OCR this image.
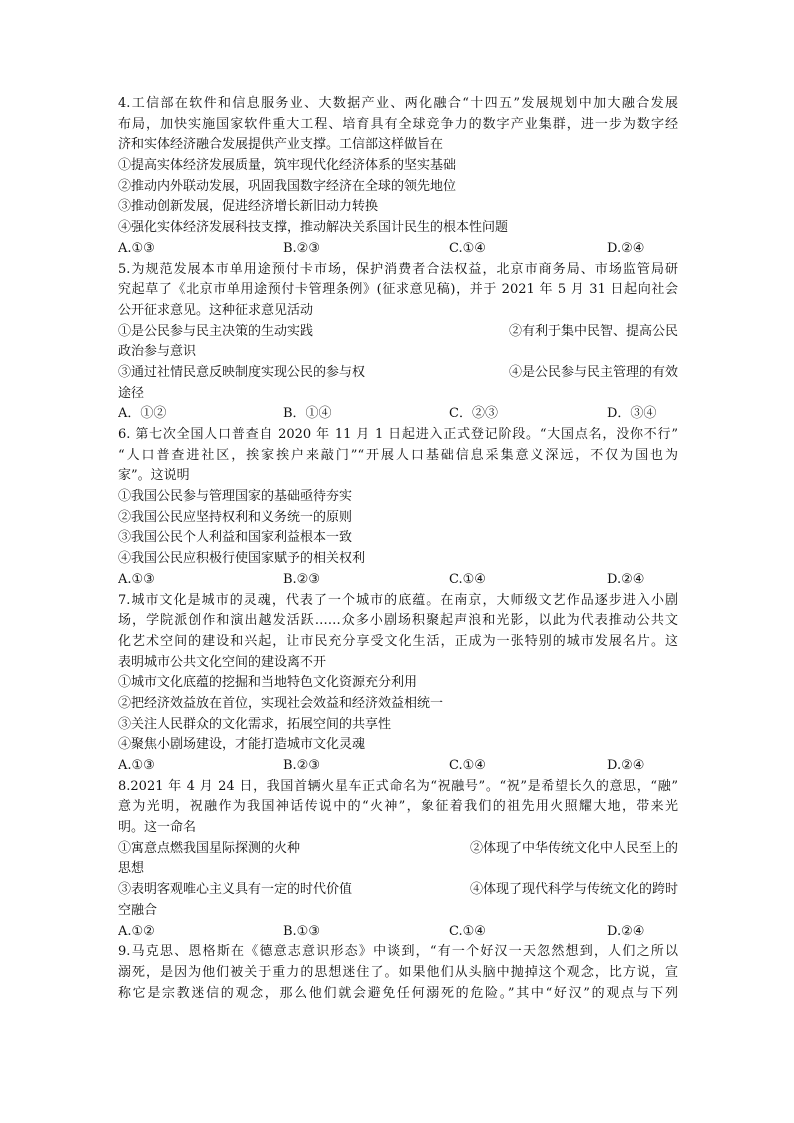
4.工信部在软件和信息服务业、大数据产业、两化融合“十四五”发展规划中加大融合发展
布局，加快实施国家软件重大工程、培育具有全球竞争力的数字产业集群，进一步为数字经
济和实体经济融合发展提供产业支撑。工信部这样做旨在
①提高实体经济发展质量，筑牢现代化经济体系的坚实基础
②推动内外联动发展，巩固我国数字经济在全球的领先地位
③推动创新发展，促进经济增长新旧动力转换
④强化实体经济发展科技支撑，推动解决关系国计民生的根本性问题
A.①③	B.②③	C.①④	D.②④
5.为规范发展本市单用途预付卡市场，保护消费者合法权益，北京市商务局、市场监管局研
究起草了《北京市单用途预付卡管理条例》(征求意见稿)，并于 2021 年 5 月 31 日起向社会
公开征求意见。这种征求意见活动
①是公民参与民主决策的生动实践	②有利于集中民智、提高公民
政治参与意识
③通过社情民意反映制度实现公民的参与权	④是公民参与民主管理的有效
途径
A．①②	B．①④	C．②③	D．③④
6. 第七次全国人口普查自 2020 年 11 月 1 日起进入正式登记阶段。“大国点名，没你不行”
“人口普查进社区，挨家挨户来敲门”“开展人口基础信息采集意义深远，不仅为国也为
家”。这说明
①我国公民参与管理国家的基础亟待夯实
②我国公民应坚持权利和义务统一的原则
③我国公民个人利益和国家利益根本一致
④我国公民应积极行使国家赋予的相关权利
A.①③	B.②③	C.①④	D.②④
7.城市文化是城市的灵魂，代表了一个城市的底蕴。在南京，大师级文艺作品逐步进入小剧
场，学院派创作和演出越发活跃……众多小剧场积聚起声浪和光影，以此为代表推动公共文
化艺术空间的建设和兴起，让市民充分享受文化生活，正成为一张特别的城市发展名片。这
表明城市公共文化空间的建设离不开
①城市文化底蕴的挖掘和当地特色文化资源充分利用
②把经济效益放在首位，实现社会效益和经济效益相统一
③关注人民群众的文化需求，拓展空间的共享性
④聚焦小剧场建设，才能打造城市文化灵魂
A.①③	B.②③	C.①④	D.②④
8.2021 年 4 月 24 日，我国首辆火星车正式命名为“祝融号”。“祝”是希望长久的意思，“融”
意为光明，祝融作为我国神话传说中的“火神”，象征着我们的祖先用火照耀大地，带来光
明。这一命名
①寓意点燃我国星际探测的火种	②体现了中华传统文化中人民至上的
思想
③表明客观唯心主义具有一定的时代价值	④体现了现代科学与传统文化的跨时
空融合
A.①②	B.①③	C.①④	D.②④
9.马克思、恩格斯在《德意志意识形态》中谈到，“有一个好汉一天忽然想到，人们之所以
溺死，是因为他们被关于重力的思想迷住了。如果他们从头脑中抛掉这个观念，比方说，宣
称它是宗教迷信的观念，那么他们就会避免任何溺死的危险。”其中“好汉”的观点与下列
